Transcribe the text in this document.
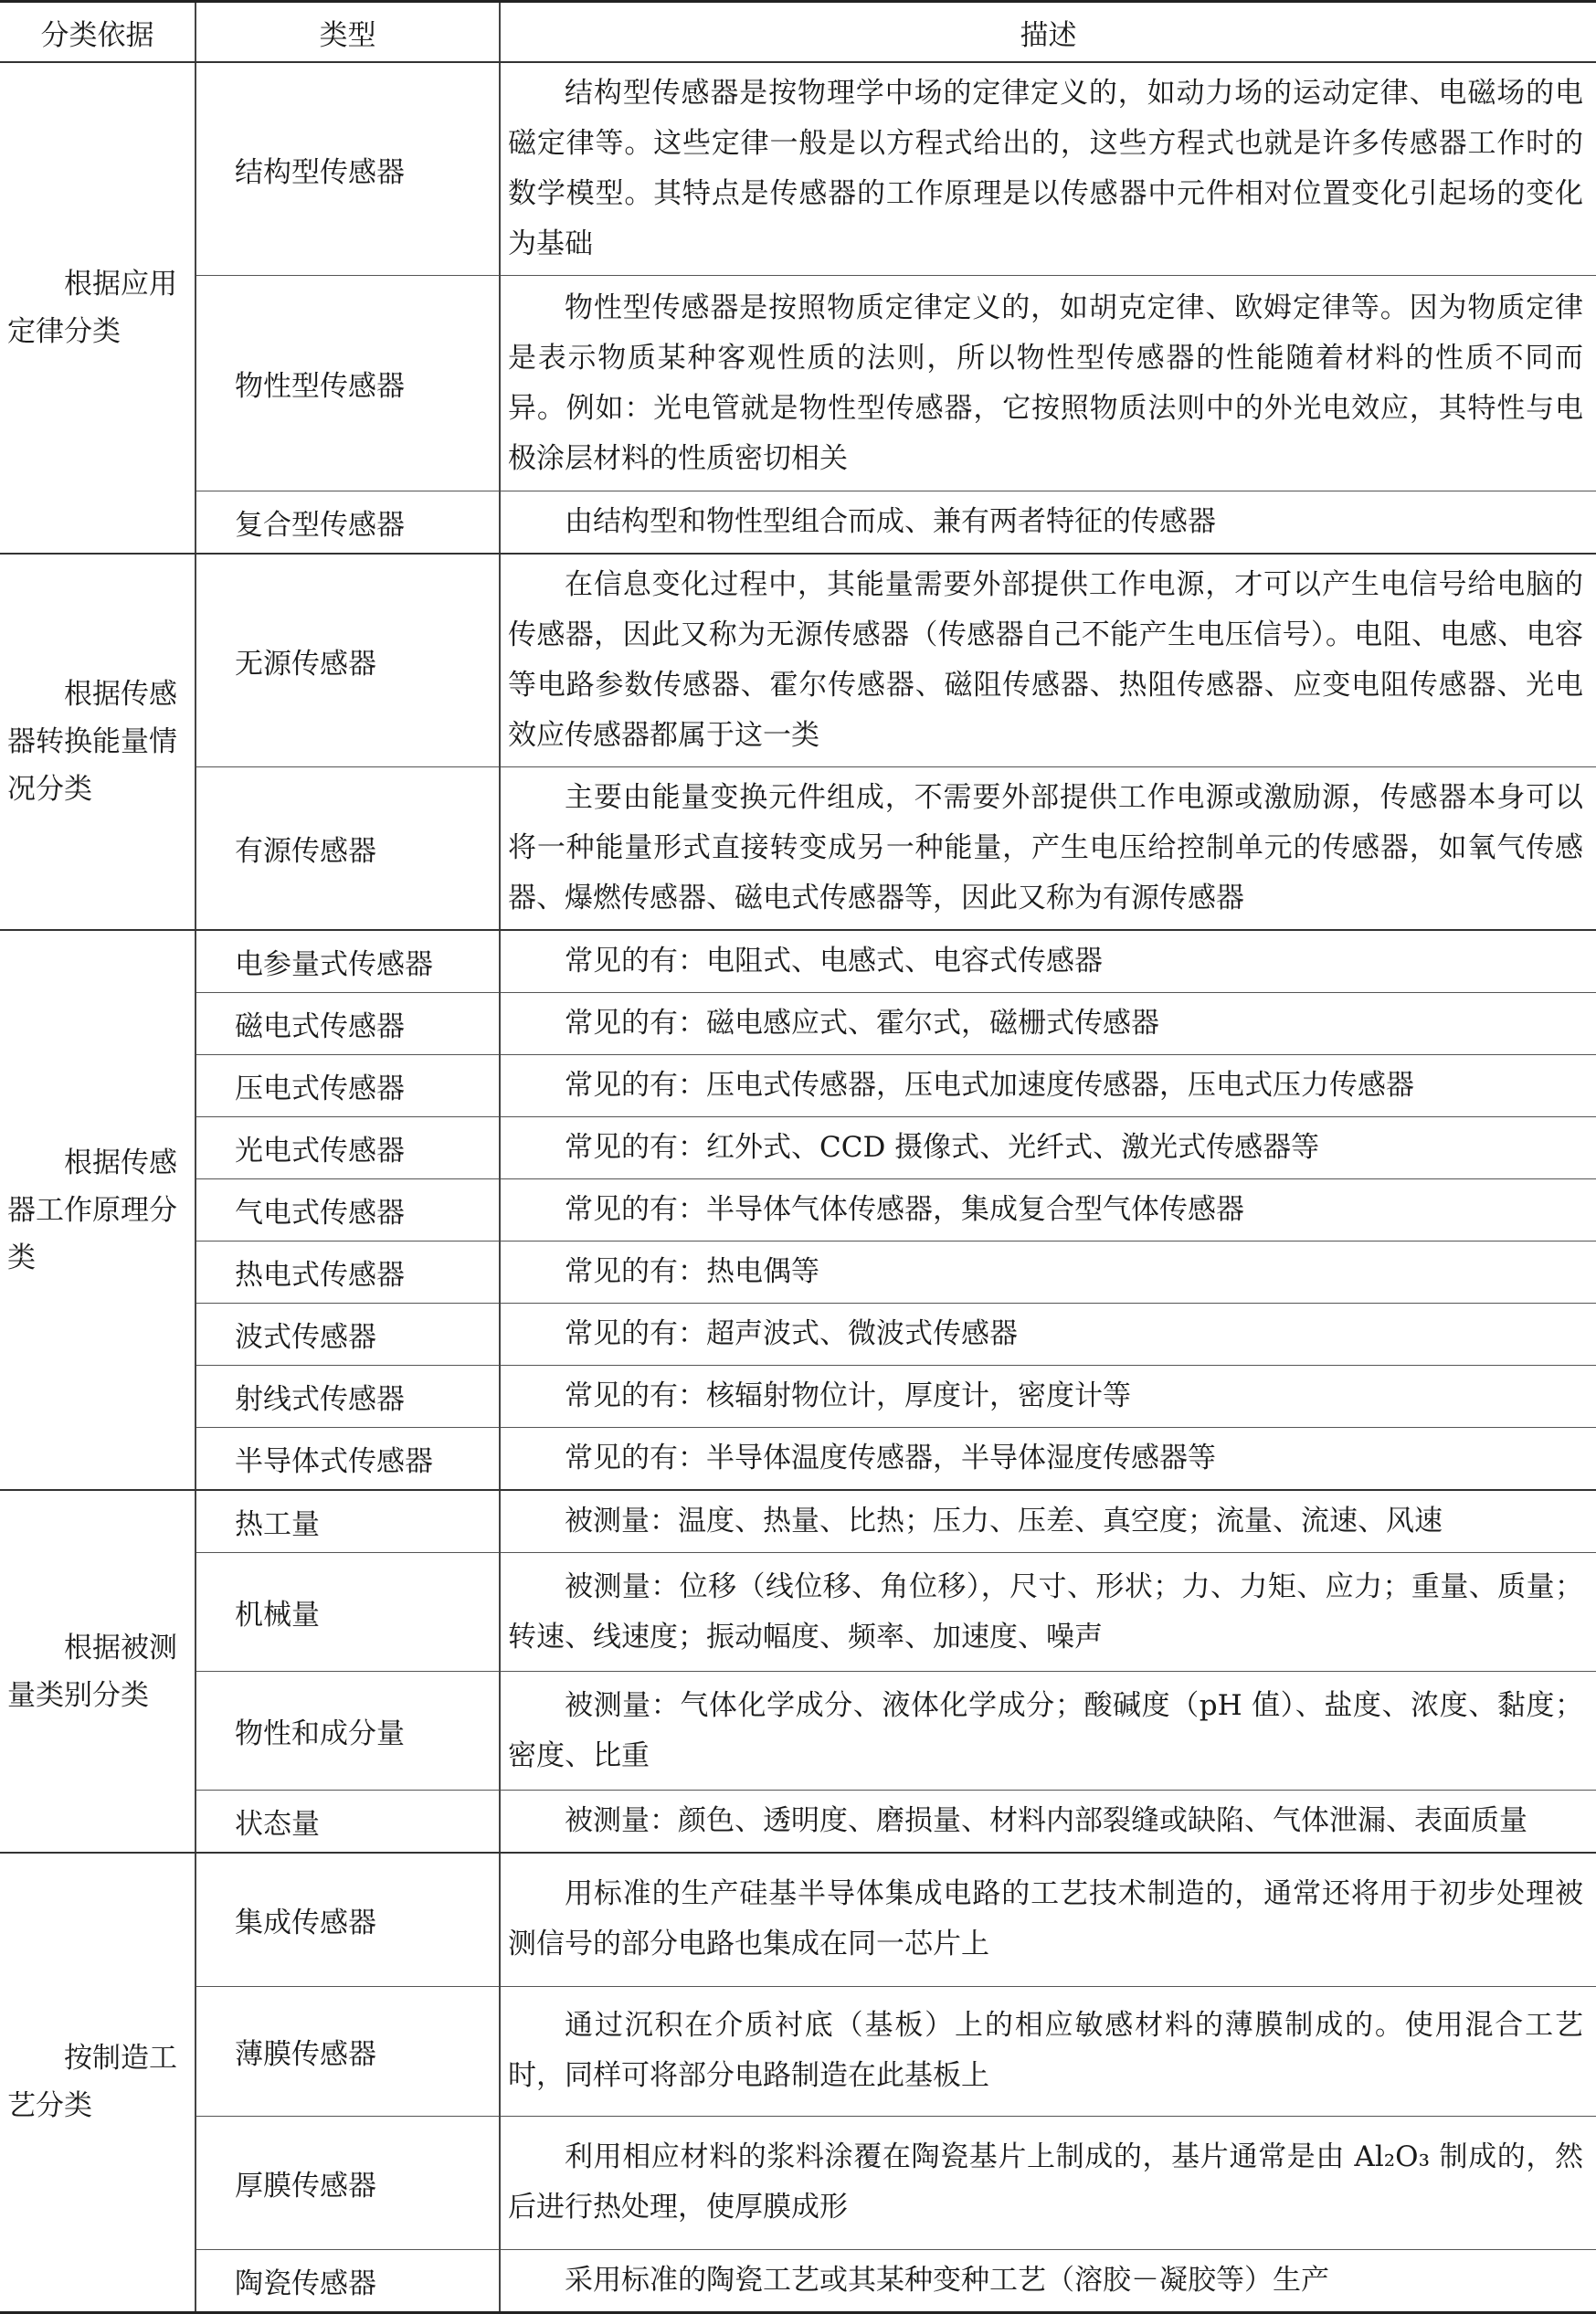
分类依据	类型	描述

根据应用定律分类	结构型传感器	结构型传感器是按物理学中场的定律定义的，如动力场的运动定律、电磁场的电磁定律等。这些定律一般是以方程式给出的，这些方程式也就是许多传感器工作时的数学模型。其特点是传感器的工作原理是以传感器中元件相对位置变化引起场的变化为基础
	物性型传感器	物性型传感器是按照物质定律定义的，如胡克定律、欧姆定律等。因为物质定律是表示物质某种客观性质的法则，所以物性型传感器的性能随着材料的性质不同而异。例如：光电管就是物性型传感器，它按照物质法则中的外光电效应，其特性与电极涂层材料的性质密切相关
	复合型传感器	由结构型和物性型组合而成、兼有两者特征的传感器

根据传感器转换能量情况分类	无源传感器	在信息变化过程中，其能量需要外部提供工作电源，才可以产生电信号给电脑的传感器，因此又称为无源传感器（传感器自己不能产生电压信号）。电阻、电感、电容等电路参数传感器、霍尔传感器、磁阻传感器、热阻传感器、应变电阻传感器、光电效应传感器都属于这一类
	有源传感器	主要由能量变换元件组成，不需要外部提供工作电源或激励源，传感器本身可以将一种能量形式直接转变成另一种能量，产生电压给控制单元的传感器，如氧气传感器、爆燃传感器、磁电式传感器等，因此又称为有源传感器

根据传感器工作原理分类	电参量式传感器	常见的有：电阻式、电感式、电容式传感器
	磁电式传感器	常见的有：磁电感应式、霍尔式，磁栅式传感器
	压电式传感器	常见的有：压电式传感器，压电式加速度传感器，压电式压力传感器
	光电式传感器	常见的有：红外式、CCD 摄像式、光纤式、激光式传感器等
	气电式传感器	常见的有：半导体气体传感器，集成复合型气体传感器
	热电式传感器	常见的有：热电偶等
	波式传感器	常见的有：超声波式、微波式传感器
	射线式传感器	常见的有：核辐射物位计，厚度计，密度计等
	半导体式传感器	常见的有：半导体温度传感器，半导体湿度传感器等

根据被测量类别分类	热工量	被测量：温度、热量、比热；压力、压差、真空度；流量、流速、风速
	机械量	被测量：位移（线位移、角位移），尺寸、形状；力、力矩、应力；重量、质量；转速、线速度；振动幅度、频率、加速度、噪声
	物性和成分量	被测量：气体化学成分、液体化学成分；酸碱度（pH 值）、盐度、浓度、黏度；密度、比重
	状态量	被测量：颜色、透明度、磨损量、材料内部裂缝或缺陷、气体泄漏、表面质量

按制造工艺分类	集成传感器	用标准的生产硅基半导体集成电路的工艺技术制造的，通常还将用于初步处理被测信号的部分电路也集成在同一芯片上
	薄膜传感器	通过沉积在介质衬底（基板）上的相应敏感材料的薄膜制成的。使用混合工艺时，同样可将部分电路制造在此基板上
	厚膜传感器	利用相应材料的浆料涂覆在陶瓷基片上制成的，基片通常是由 Al₂O₃ 制成的，然后进行热处理，使厚膜成形
	陶瓷传感器	采用标准的陶瓷工艺或其某种变种工艺（溶胶－凝胶等）生产
